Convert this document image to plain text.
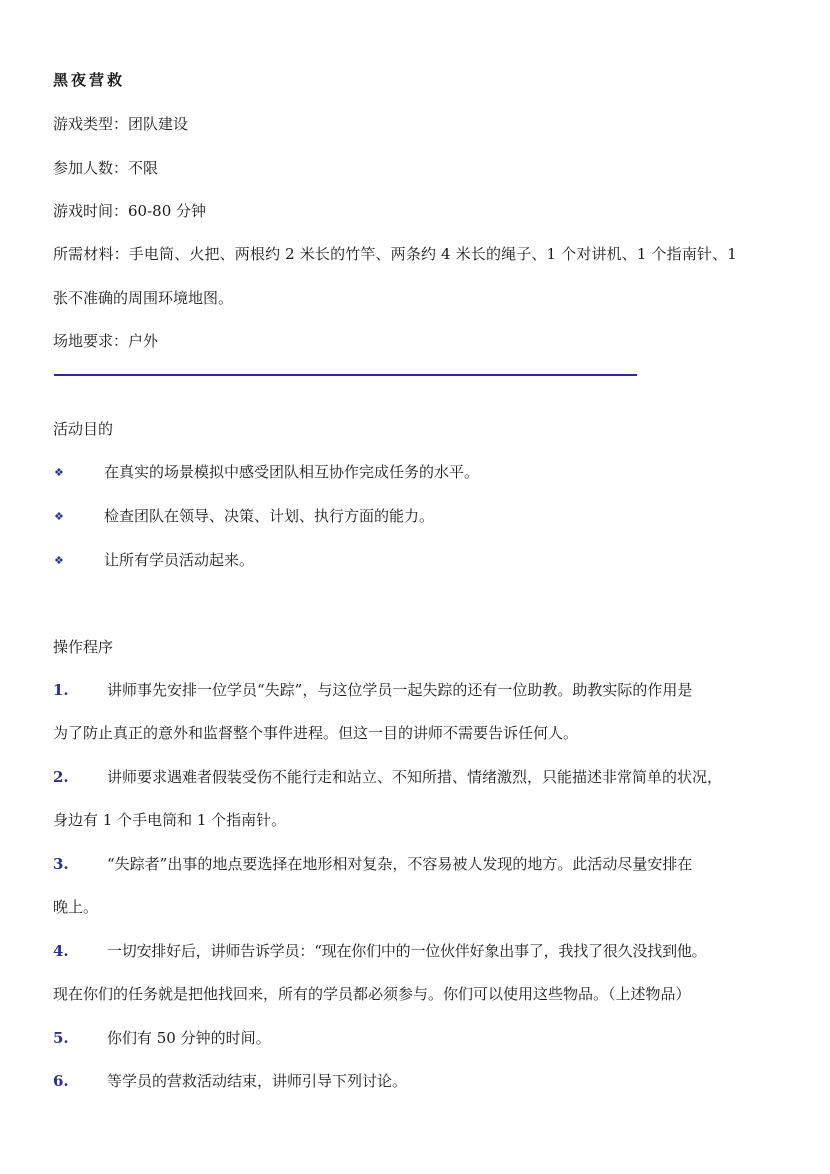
黑夜营救
游戏类型：团队建设
参加人数：不限
游戏时间：60-80 分钟
所需材料：手电筒、火把、两根约 2 米长的竹竿、两条约 4 米长的绳子、1 个对讲机、1 个指南针、1
张不准确的周围环境地图。
场地要求：户外
活动目的
❖	在真实的场景模拟中感受团队相互协作完成任务的水平。
❖	检查团队在领导、决策、计划、执行方面的能力。
❖	让所有学员活动起来。
操作程序
1.	讲师事先安排一位学员“失踪”，与这位学员一起失踪的还有一位助教。助教实际的作用是
为了防止真正的意外和监督整个事件进程。但这一目的讲师不需要告诉任何人。
2.	讲师要求遇难者假装受伤不能行走和站立、不知所措、情绪激烈，只能描述非常简单的状况，
身边有 1 个手电筒和 1 个指南针。
3.	“失踪者”出事的地点要选择在地形相对复杂，不容易被人发现的地方。此活动尽量安排在
晚上。
4.	一切安排好后，讲师告诉学员：“现在你们中的一位伙伴好象出事了，我找了很久没找到他。
现在你们的任务就是把他找回来，所有的学员都必须参与。你们可以使用这些物品。（上述物品）
5.	你们有 50 分钟的时间。
6.	等学员的营救活动结束，讲师引导下列讨论。
